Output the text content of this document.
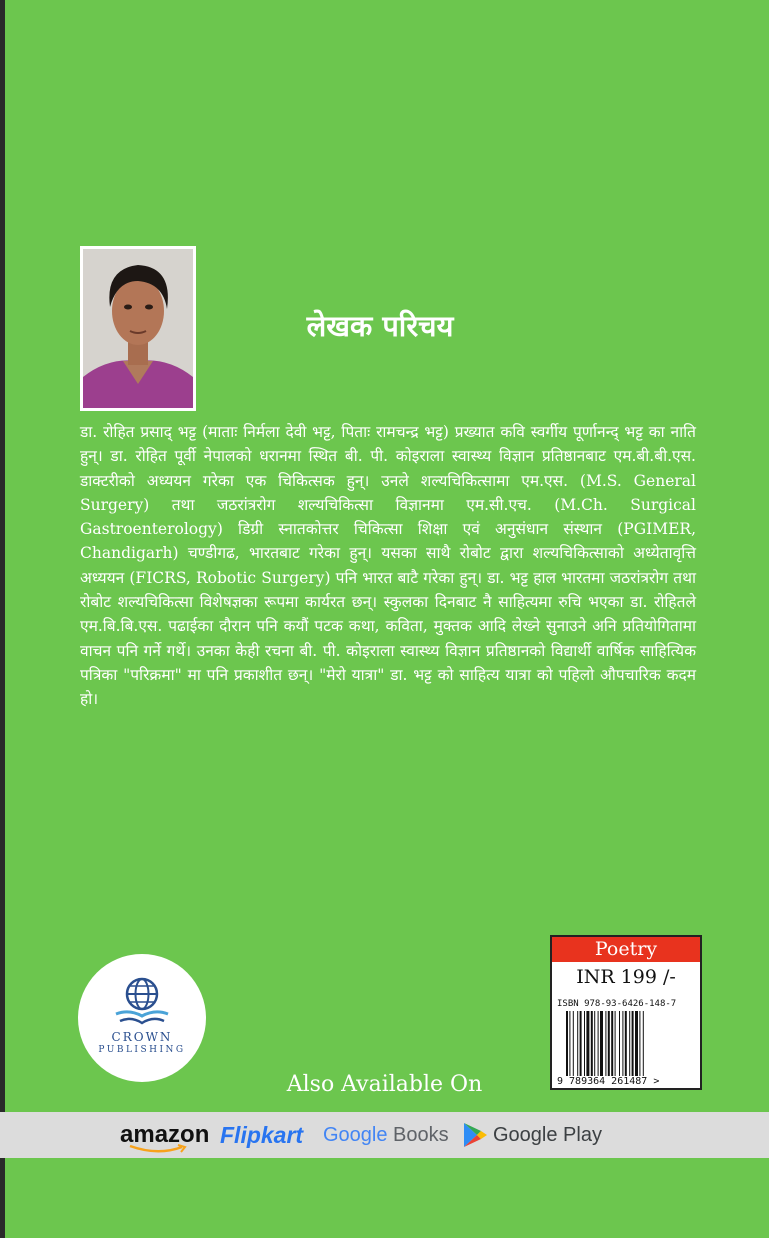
लेखक परिचय

डा. रोहित प्रसाद् भट्ट (माताः निर्मला देवी भट्ट, पिताः रामचन्द्र भट्ट) प्रख्यात कवि स्वर्गीय पूर्णानन्द् भट्ट का नाति हुन्। डा. रोहित पूर्वी नेपालको धरानमा स्थित बी. पी. कोइराला स्वास्थ्य विज्ञान प्रतिष्ठानबाट एम.बी.बी.एस. डाक्टरीको अध्ययन गरेका एक चिकित्सक हुन्। उनले शल्यचिकित्सामा एम.एस. (M.S. General Surgery) तथा जठरांत्ररोग शल्यचिकित्सा विज्ञानमा एम.सी.एच. (M.Ch. Surgical Gastroenterology) डिग्री स्नातकोत्तर चिकित्सा शिक्षा एवं अनुसंधान संस्थान (PGIMER, Chandigarh) चण्डीगढ, भारतबाट गरेका हुन्। यसका साथै रोबोट द्वारा शल्यचिकित्साको अध्येतावृत्ति अध्ययन (FICRS, Robotic Surgery) पनि भारत बाटै गरेका हुन्। डा. भट्ट हाल भारतमा जठरांत्ररोग तथा रोबोट शल्यचिकित्सा विशेषज्ञका रूपमा कार्यरत छन्। स्कुलका दिनबाट नै साहित्यमा रुचि भएका डा. रोहितले एम.बि.बि.एस. पढाईका दौरान पनि कयौं पटक कथा, कविता, मुक्तक आदि लेख्ने सुनाउने अनि प्रतियोगितामा वाचन पनि गर्ने गर्थे। उनका केही रचना बी. पी. कोइराला स्वास्थ्य विज्ञान प्रतिष्ठानको विद्यार्थी वार्षिक साहित्यिक पत्रिका "परिक्रमा" मा पनि प्रकाशीत छन्। "मेरो यात्रा" डा. भट्ट को साहित्य यात्रा को पहिलो औपचारिक कदम हो।

CROWN
PUBLISHING
Poetry
INR 199 /-
ISBN 978-93-6426-148-7
9 789364 261487 >
Also Available On
amazon Flipkart Google Books Google Play
